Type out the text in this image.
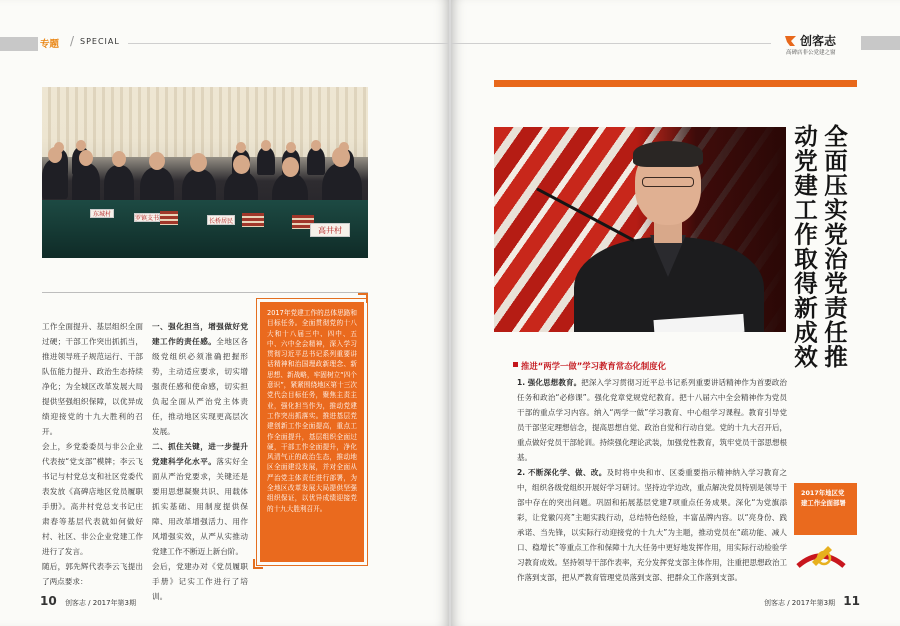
专题 / SPECIAL
东城村
罗镇支书	长桥居民
高井村

工作全面提升、基层组织全面过硬；干部工作突出抓抓当，推进领导班子规范运行、干部队伍能力提升、政治生态持续净化；为全城区改革发展大局提供坚强组织保障，以优异成绩迎接党的十九大胜利的召开。

会上，乡党委委员与非公企业代表按“党支部”模牌；李云飞书记与村党总支和社区党委代表发放《高碑店地区党员履职手册》。高井村党总支书记庄肃春等基层代表就如何做好村、社区、非公企业党建工作进行了发言。

随后，郭先辉代表李云飞提出了两点要求：

一、强化担当，增强做好党建工作的责任感。全地区各级党组织必须准确把握形势，主动适应要求，切实增强责任感和使命感，切实担负起全面从严治党主体责任，推动地区实现更高层次发展。

二、抓住关键，进一步提升党建科学化水平。落实好全面从严治党要求，关键还是要用思想凝聚共识、用载体抓实基础、用制度提供保障、用改革增强活力、用作风增强实效，从严从实推动党建工作不断迈上新台阶。

会后，党建办对《党员履职手册》记实工作进行了培训。

2017年党建工作的总体思路和目标任务。全面贯彻党的十八大和十八届三中、四中、五中、六中全会精神，深入学习贯彻习近平总书记系列重要讲话精神和治国理政新理念、新思想、新战略，牢固树立“四个意识”，紧紧围绕地区第十三次党代会目标任务，聚焦主责主业，强化担当作为，推动党建工作突出抓落实。推进基层党建创新工作全面提高，重点工作全面提升，基层组织全面过硬，干部工作全面提升，净化风清气正的政治生态，推动地区全面建设发展，并对全面从严治党主体责任进行部署，为全地区改革发展大局提供坚强组织保证，以优异成绩迎接党的十九大胜利召开。
10 创客志 / 2017年第3期
创客志
高碑店非公党建之窗
全面压实党治党责任推动党建工作取得新成效
推进“两学一做”学习教育常态化制度化

1. 强化思想教育。把深入学习贯彻习近平总书记系列重要讲话精神作为首要政治任务和政治“必修课”。强化党章党规党纪教育。把十八届六中全会精神作为党员干部的重点学习内容。纳入“两学一做”学习教育、中心组学习课程。教育引导党员干部坚定理想信念，提高思想自觉、政治自觉和行动自觉。党的十九大召开后，重点做好党员干部轮训。持续强化理论武装，加强党性教育，筑牢党员干部思想根基。

2. 不断深化学、做、改。及时将中央和市、区委重要指示精神纳入学习教育之中，组织各级党组织开展好学习研讨。坚持边学边改，重点解决党员特别是领导干部中存在的突出问题。巩固和拓展基层党建7项重点任务成果。深化“为党旗添彩，让党徽闪亮”主题实践行动，总结特色经验，丰富品牌内容。以“亮身份、践承诺、当先锋，以实际行动迎接党的十九大”为主题，推动党员在“疏功能、减人口、稳增长”等重点工作和保障十九大任务中更好地发挥作用，用实际行动检验学习教育成效。坚持领导干部作表率，充分发挥党支部主体作用，注重把思想政治工作落到支部，把从严教育管理党员落到支部、把群众工作落到支部。

2017年地区党建工作全面部署
创客志 / 2017年第3期 11
